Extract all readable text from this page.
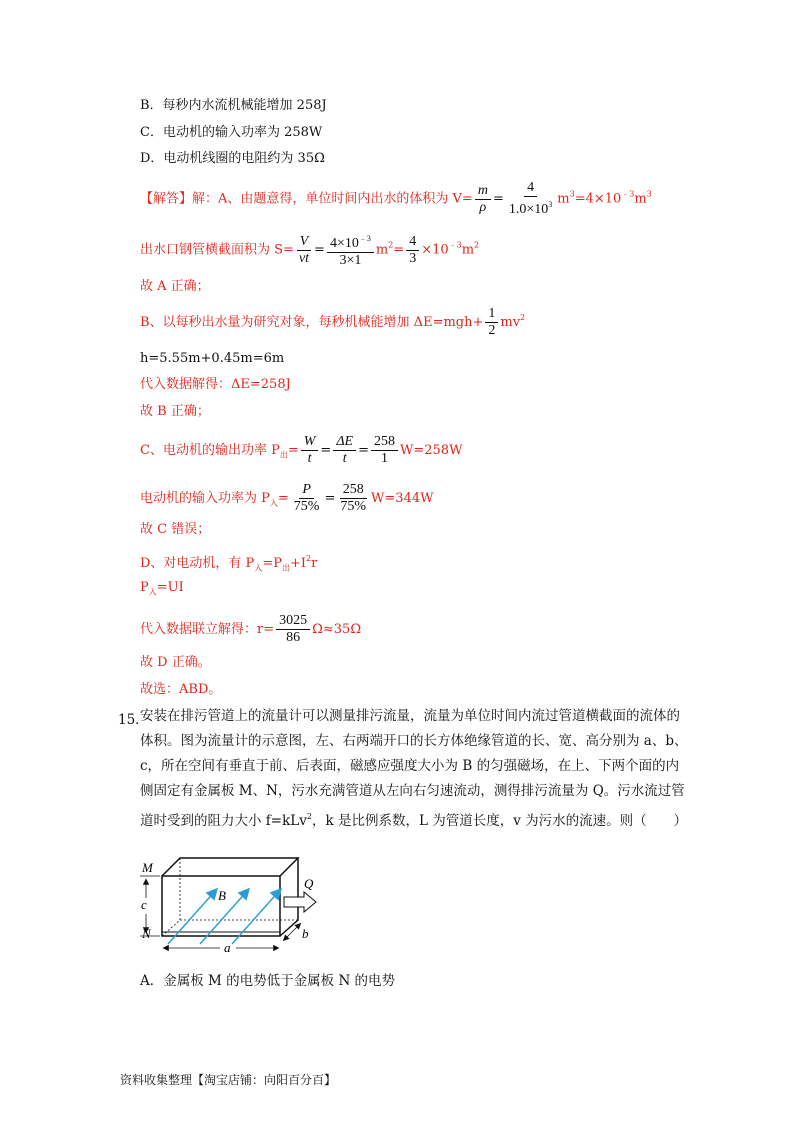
B．每秒内水流机械能增加 258J
C．电动机的输入功率为 258W
D．电动机线圈的电阻约为 35Ω
【解答】解：A、由题意得，单位时间内出水的体积为 $V= \frac{m}{\rho} = \frac{4}{1.0\times 10^3} m^3=4\times 10^{﹣3}m^3$
出水口钢管横截面积为 $S= \frac{V}{vt} = \frac{4\times 10^{﹣3}}{3\times 1} m^2= \frac{4}{3} \times 10^{﹣3}m^2$
故 A 正确；
B、以每秒出水量为研究对象，每秒机械能增加 $\Delta E=mgh+ \frac{1}{2} mv^2$
h=5.55m+0.45m=6m
代入数据解得：ΔE=258J
故 B 正确；
C、电动机的输出功率 $P_出= \frac{W}{t} = \frac{\Delta E}{t} = \frac{258}{1} W=258W$
电动机的输入功率为 $P_入= \frac{P}{75\%} = \frac{258}{75\%} W=344W$
故 C 错误；
D、对电动机，有 $P_入=P_出+I^2r$
$P_入=UI$
代入数据联立解得：$r= \frac{3025}{86} \Omega\approx 35\Omega$
故 D 正确。
故选：ABD。
15．
安装在排污管道上的流量计可以测量排污流量，流量为单位时间内流过管道横截面的流体的体积。图为流量计的示意图，左、右两端开口的长方体绝缘管道的长、宽、高分别为 a、b、c，所在空间有垂直于前、后表面，磁感应强度大小为 B 的匀强磁场，在上、下两个面的内侧固定有金属板 M、N，污水充满管道从左向右匀速流动，测得排污流量为 Q。污水流过管道时受到的阻力大小 f=kLv$^2$，k 是比例系数，L 为管道长度，v 为污水的流速。则（　　）
M
N
c
B
Q
a
b
A．金属板 M 的电势低于金属板 N 的电势
资料收集整理【淘宝店铺：向阳百分百】
